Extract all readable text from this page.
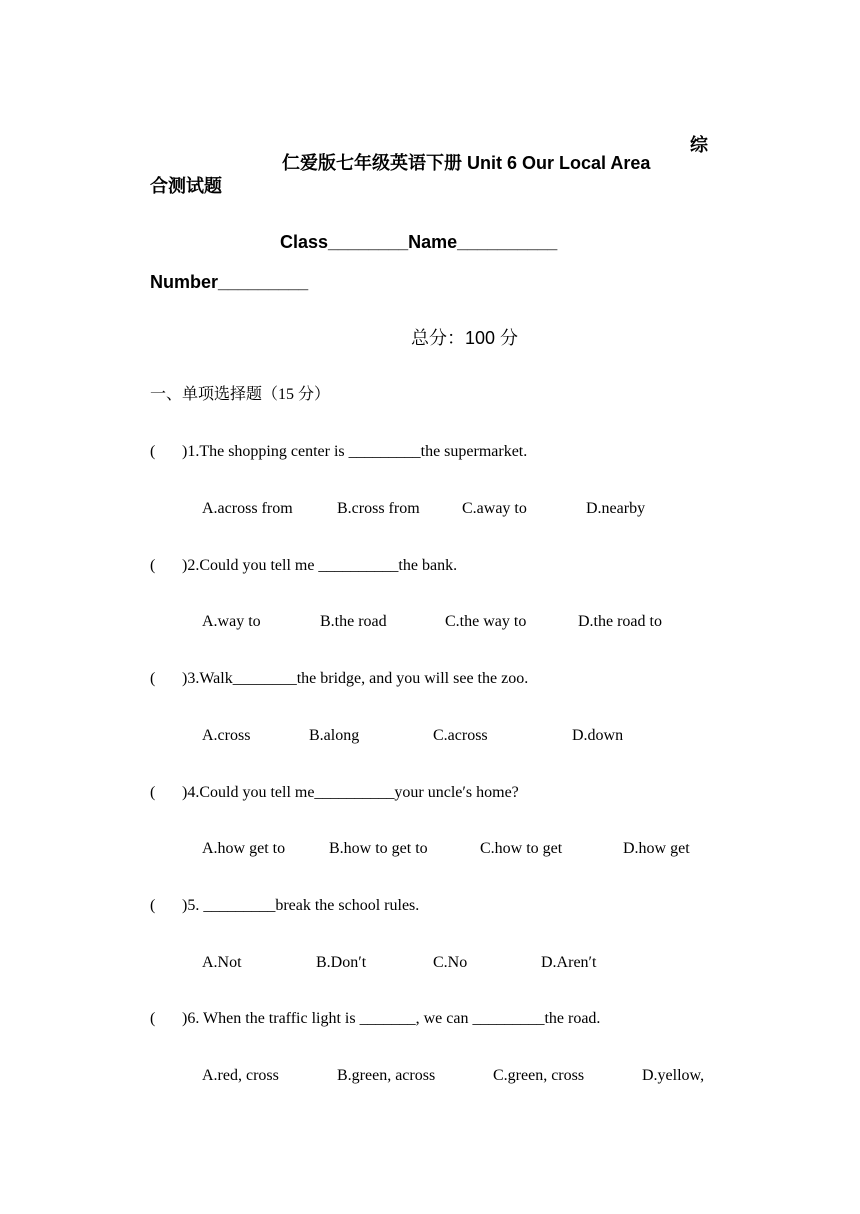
仁爱版七年级英语下册 Unit 6 Our Local Area

综

合测试题
Class________Name__________
Number_________
总分：100 分
一、单项选择题（15 分）

(

)1.The shopping center is _________the supermarket.

A.across from

	B.cross from

	C.away to

	D.nearby

(

)2.Could you tell me __________the bank.

A.way to

	B.the road

	C.the way to

	D.the road to

(

)3.Walk________the bridge, and you will see the zoo.

A.cross

	B.along

	C.across

	D.down

(

)4.Could you tell me__________your uncle′s home?

A.how get to

	B.how to get to

	C.how to get

	D.how get

(

)5. _________break the school rules.

A.Not

	B.Don′t

	C.No

	D.Aren′t

(

)6. When the traffic light is _______, we can _________the road.

A.red, cross

	B.green, across

	C.green, cross

	D.yellow,
